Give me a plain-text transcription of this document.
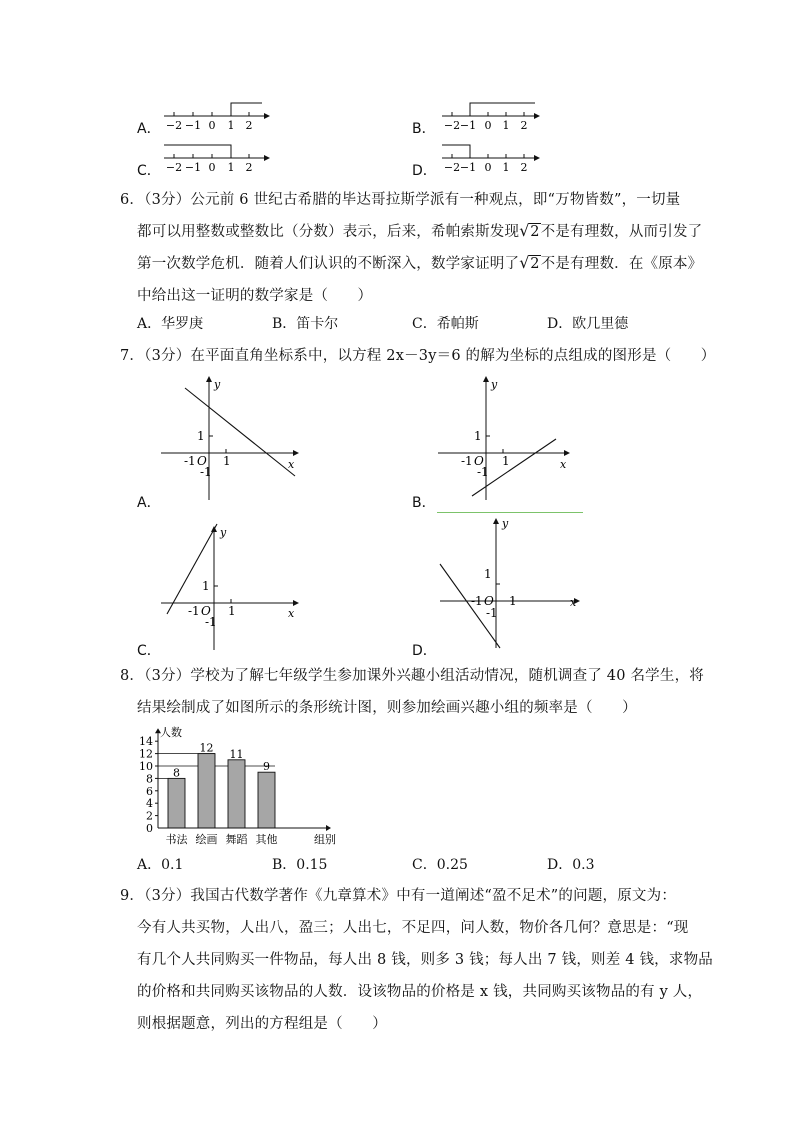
A． −2 −1 0 1 2	B． −2 −1 0 1 2
C． −2 −1 0 1 2	D． −2 −1 0 1 2
6．（3分）公元前 6 世纪古希腊的毕达哥拉斯学派有一种观点，即“万物皆数”，一切量
都可以用整数或整数比（分数）表示，后来，希帕索斯发现 √ 2不是有理数，从而引发了
第一次数学危机．随着人们认识的不断深入，数学家证明了 √ 2不是有理数．在《原本》
中给出这一证明的数学家是（　　）
A．华罗庚	B．笛卡尔	C．希帕斯	D．欧几里德
7．（3分）在平面直角坐标系中，以方程 2x－3y＝6 的解为坐标的点组成的图形是（　　）
y
x
1
-1 O 1
-1
A．
y
x
1
-1 O 1
-1
B．
y
x
1
-1 O 1
-1
C．
y
x
1
-1 O 1
-1
D．
8．（3分）学校为了解七年级学生参加课外兴趣小组活动情况，随机调查了 40 名学生，将
结果绘制成了如图所示的条形统计图，则参加绘画兴趣小组的频率是（　　）
8
12 11
9
0
2
4
6
8
10
12
14
书法 绘画 舞蹈 其他
人数
组别
A．0.1	B．0.15	C．0.25	D．0.3
9．（3分）我国古代数学著作《九章算术》中有一道阐述“盈不足术”的问题，原文为：
今有人共买物，人出八，盈三；人出七，不足四，问人数，物价各几何？意思是：“现
有几个人共同购买一件物品，每人出 8 钱，则多 3 钱；每人出 7 钱，则差 4 钱，求物品
的价格和共同购买该物品的人数．设该物品的价格是 x 钱，共同购买该物品的有 y 人，
则根据题意，列出的方程组是（　　）
